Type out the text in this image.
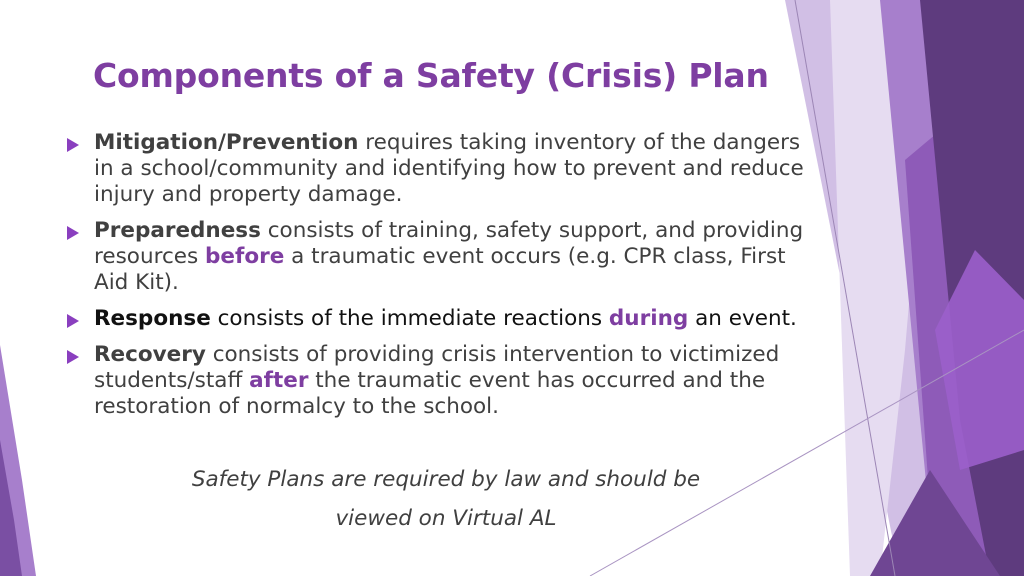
Components of a Safety (Crisis) Plan
Mitigation/Prevention requires taking inventory of the dangers in a school/community and identifying how to prevent and reduce injury and property damage.
Preparedness consists of training, safety support, and providing resources before a traumatic event occurs (e.g. CPR class, First Aid Kit).
Response consists of the immediate reactions during an event.
Recovery consists of providing crisis intervention to victimized students/staff after the traumatic event has occurred and the restoration of normalcy to the school.

Safety Plans are required by law and should be

viewed on Virtual AL
